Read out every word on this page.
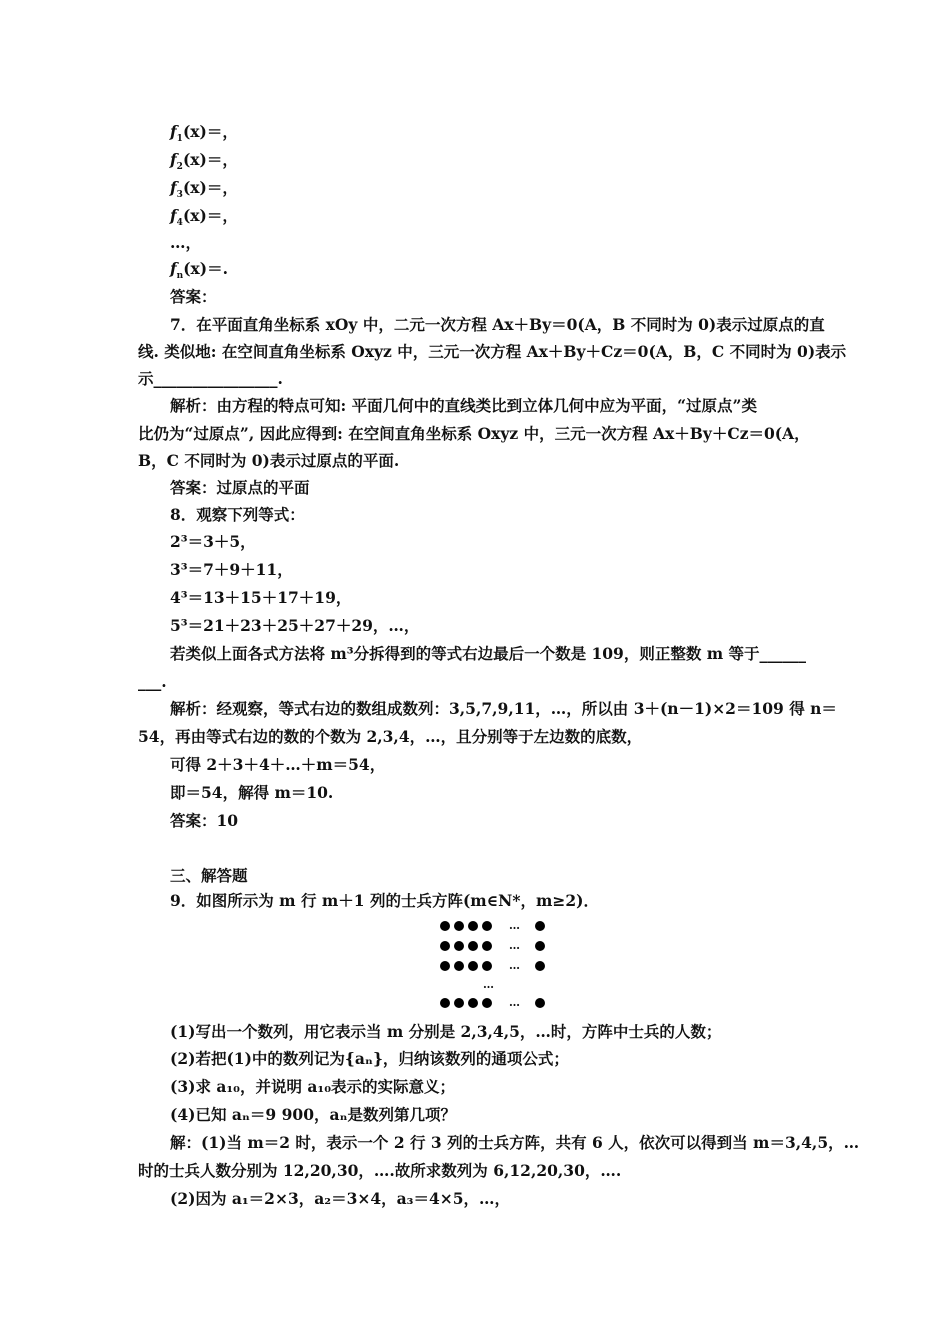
$f_1(x)=$，
$f_2(x)=$，
$f_3(x)=$，
$f_4(x)=$，
…，
$f_n(x)=$.
答案：
7．在平面直角坐标系 xOy 中，二元一次方程 Ax＋By＝0(A，B 不同时为 0)表示过原点的直
线. 类似地: 在空间直角坐标系 Oxyz 中，三元一次方程 Ax＋By＋Cz＝0(A，B，C 不同时为 0)表示
示________________.
解析：由方程的特点可知: 平面几何中的直线类比到立体几何中应为平面，“过原点”类
比仍为“过原点”, 因此应得到: 在空间直角坐标系 Oxyz 中，三元一次方程 Ax＋By＋Cz＝0(A，
B，C 不同时为 0)表示过原点的平面.
答案：过原点的平面
8．观察下列等式：
2³＝3＋5，
3³＝7＋9＋11，
4³＝13＋15＋17＋19，
5³＝21＋23＋25＋27＋29，…，
若类似上面各式方法将 m³分拆得到的等式右边最后一个数是 109，则正整数 m 等于______
___.
解析：经观察，等式右边的数组成数列：3,5,7,9,11，…，所以由 3＋(n－1)×2＝109 得 n＝
54，再由等式右边的数的个数为 2,3,4，…，且分别等于左边数的底数，
可得 2＋3＋4＋…＋m＝54，
即＝54，解得 m＝10.
答案：10
三、解答题
9．如图所示为 m 行 m＋1 列的士兵方阵(m∈N*，m≥2)．
…
…
…
…
…
(1)写出一个数列，用它表示当 m 分别是 2,3,4,5，…时，方阵中士兵的人数；
(2)若把(1)中的数列记为{aₙ}，归纳该数列的通项公式；
(3)求 a₁₀，并说明 a₁₀表示的实际意义；
(4)已知 aₙ＝9 900，aₙ是数列第几项？
解：(1)当 m＝2 时，表示一个 2 行 3 列的士兵方阵，共有 6 人，依次可以得到当 m＝3,4,5，…
时的士兵人数分别为 12,20,30，….故所求数列为 6,12,20,30，….
(2)因为 a₁＝2×3，a₂＝3×4，a₃＝4×5，…，
